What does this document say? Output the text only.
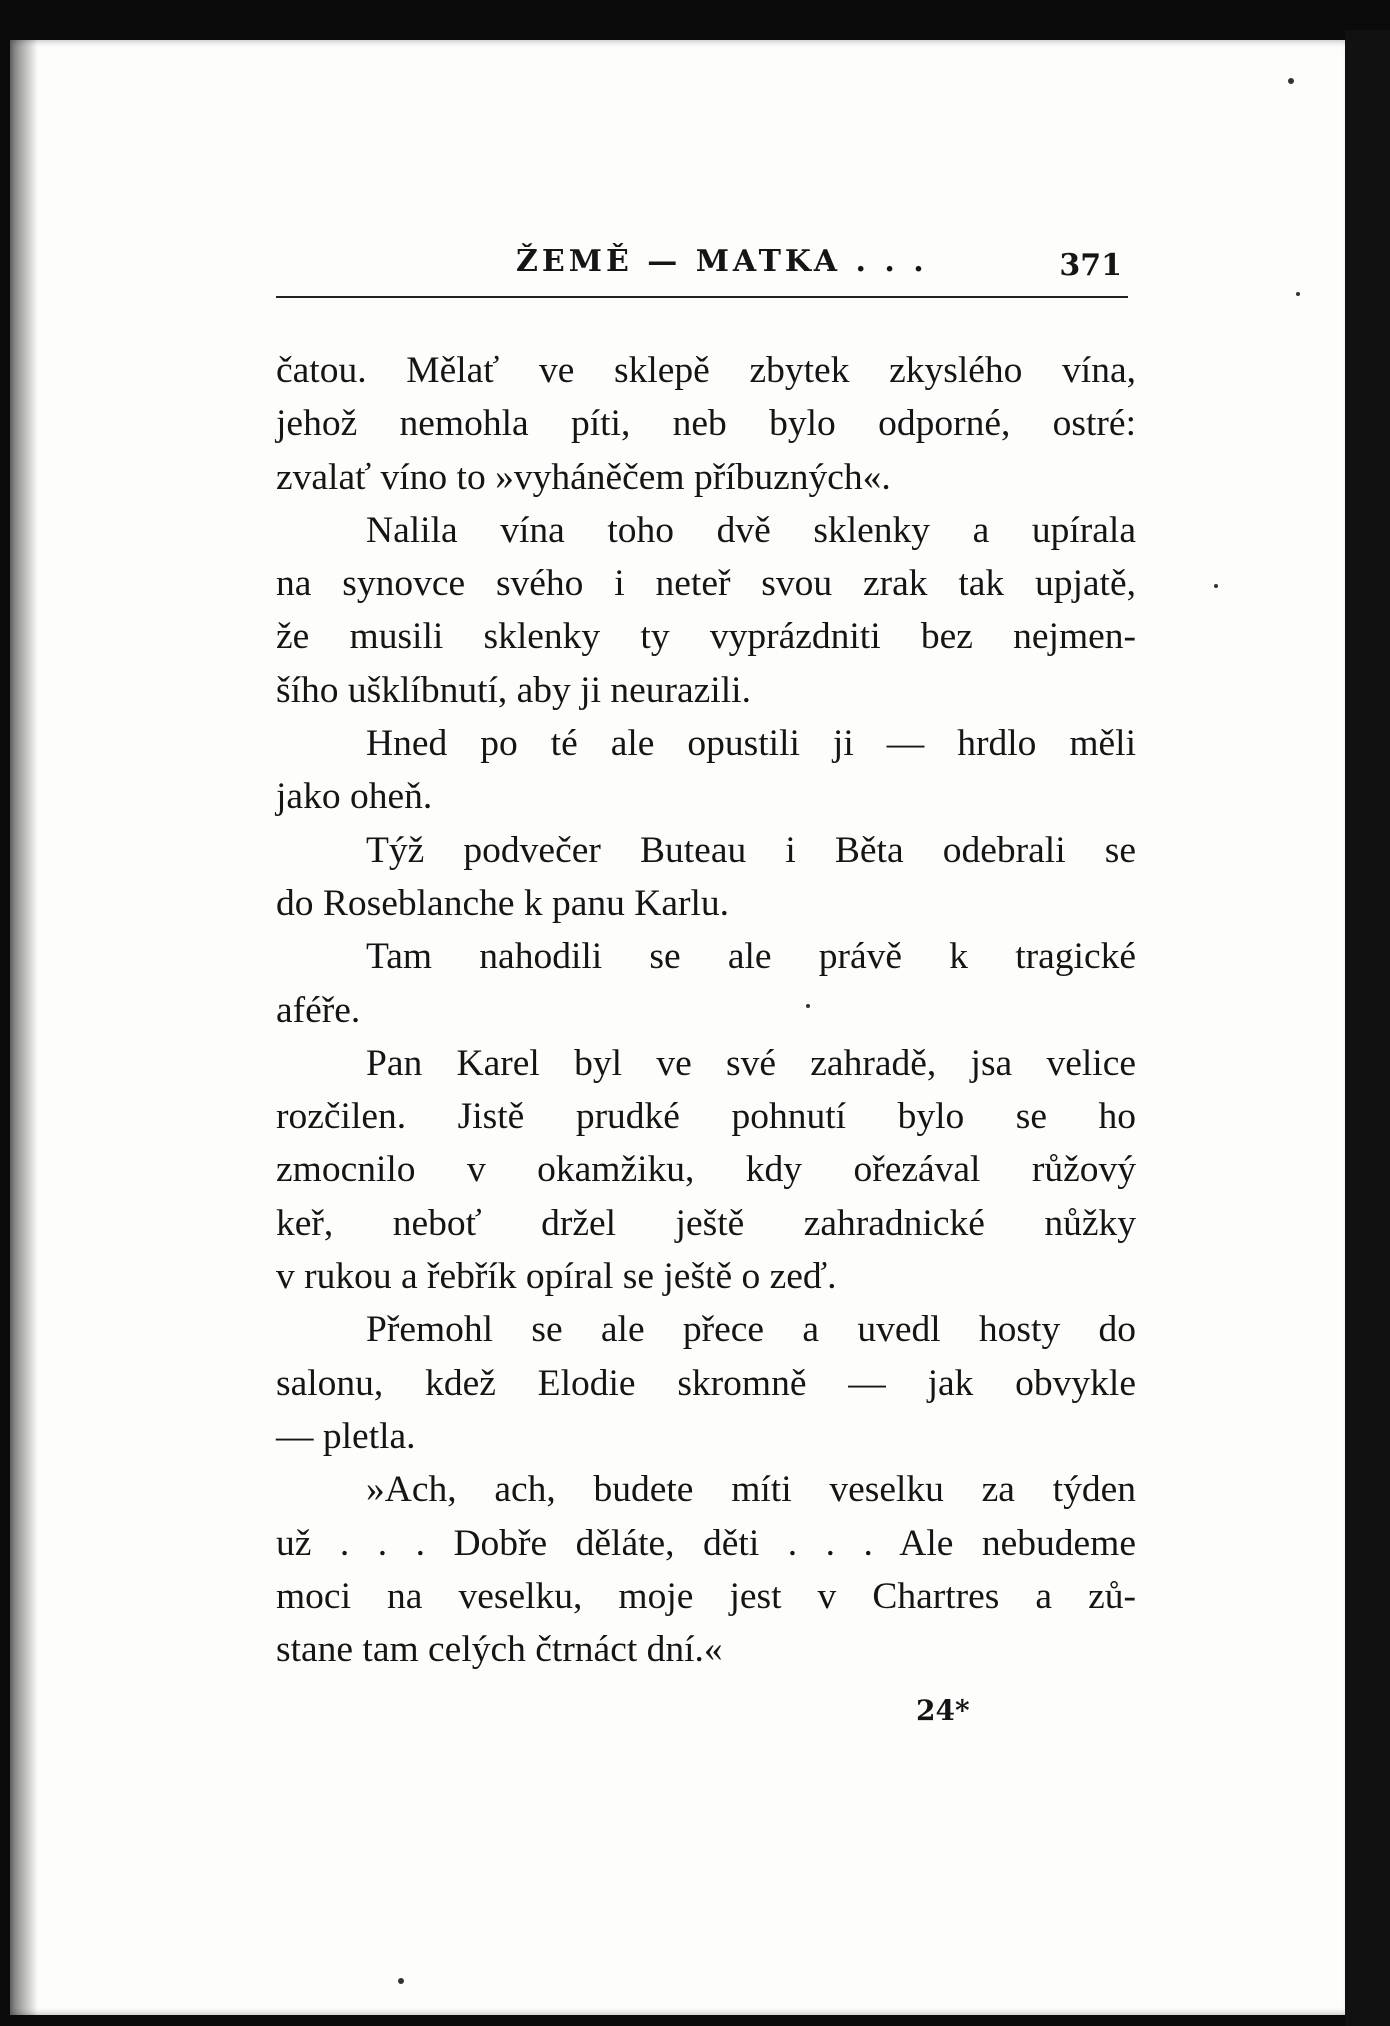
ŽEMĚ — MATKA . . .	371
čatou. Mělať ve sklepě zbytek zkyslého vína,
jehož nemohla píti, neb bylo odporné, ostré:
zvalať víno to »vyháněčem příbuzných«.
Nalila vína toho dvě sklenky a upírala
na synovce svého i neteř svou zrak tak upjatě,
že musili sklenky ty vyprázdniti bez nejmen-
šího ušklíbnutí, aby ji neurazili.
Hned po té ale opustili ji — hrdlo měli
jako oheň.
Týž podvečer Buteau i Běta odebrali se
do Roseblanche k panu Karlu.
Tam nahodili se ale právě k tragické
aféře.
Pan Karel byl ve své zahradě, jsa velice
rozčilen. Jistě prudké pohnutí bylo se ho
zmocnilo v okamžiku, kdy ořezával růžový
keř, neboť držel ještě zahradnické nůžky
v rukou a řebřík opíral se ještě o zeď.
Přemohl se ale přece a uvedl hosty do
salonu, kdež Elodie skromně — jak obvykle
— pletla.
»Ach, ach, budete míti veselku za týden
už . . . Dobře děláte, děti . . . Ale nebudeme
moci na veselku, moje jest v Chartres a zů-
stane tam celých čtrnáct dní.«
24*
